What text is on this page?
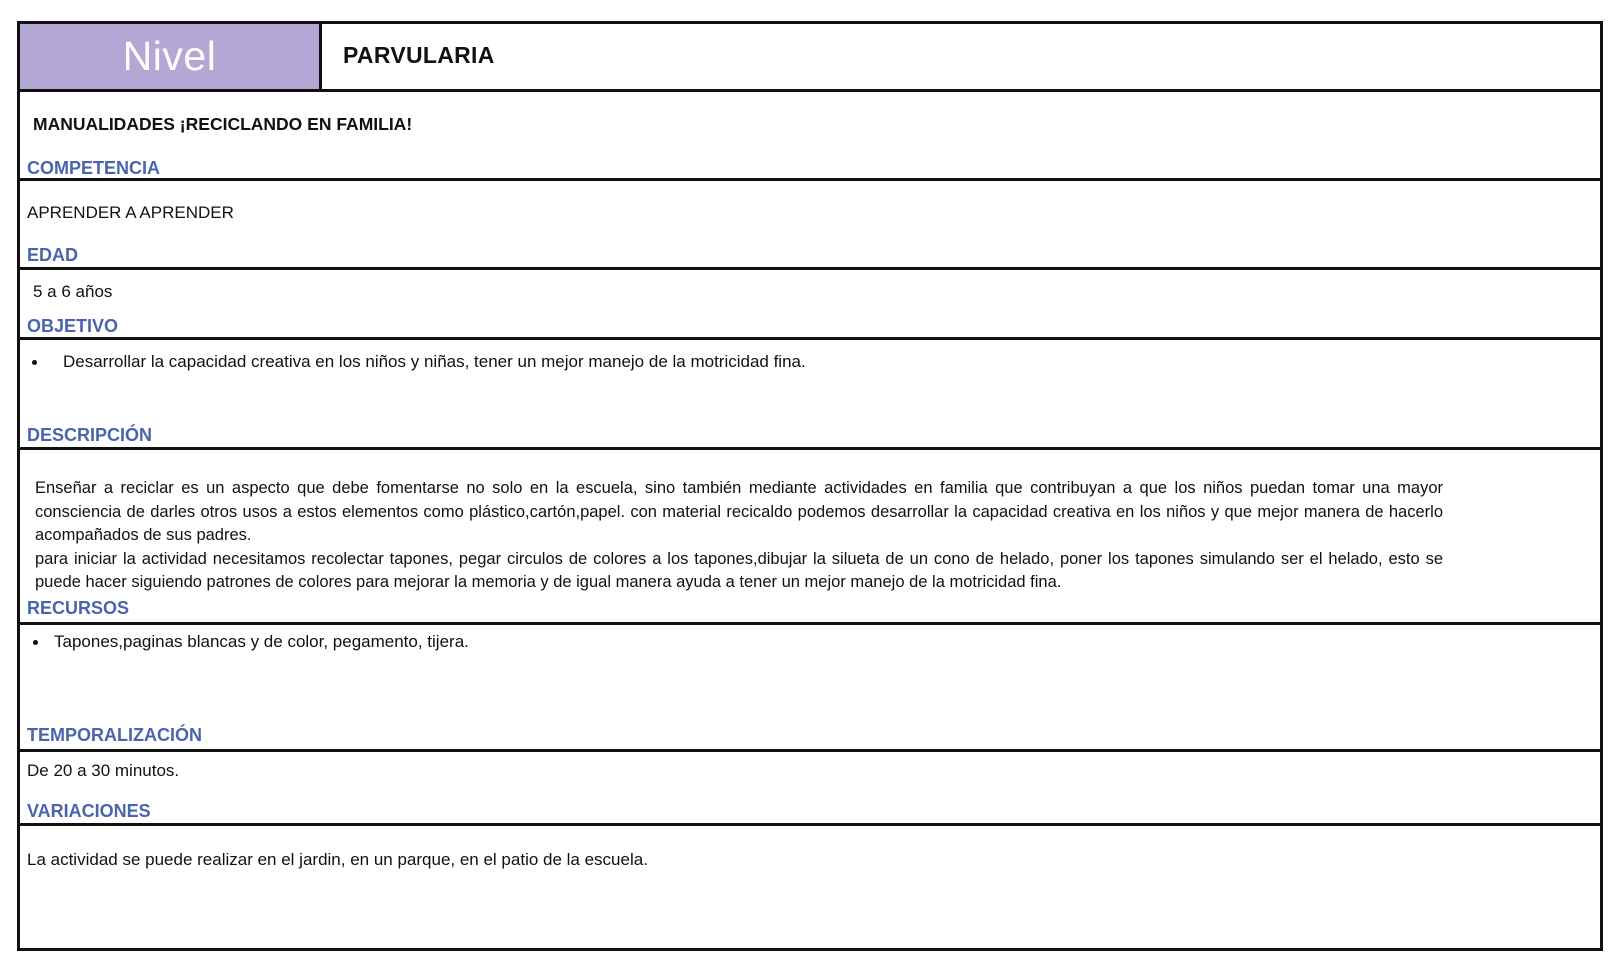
Nivel	PARVULARIA
MANUALIDADES ¡RECICLANDO EN FAMILIA!
COMPETENCIA
APRENDER A APRENDER
EDAD
5 a 6 años
OBJETIVO
Desarrollar la capacidad creativa en los niños y niñas, tener un mejor manejo de la motricidad fina.
DESCRIPCIÓN

Enseñar a reciclar es un aspecto que debe fomentarse no solo en la escuela, sino también mediante actividades en familia que contribuyan a que los niños puedan tomar una mayor consciencia de darles otros usos a estos elementos como plástico,cartón,papel. con material recicaldo podemos desarrollar la capacidad creativa en los niños y que mejor manera de hacerlo acompañados de sus padres.

para iniciar la actividad necesitamos recolectar tapones, pegar circulos de colores a los tapones,dibujar la silueta de un cono de helado, poner los tapones simulando ser el helado, esto se puede hacer siguiendo patrones de colores para mejorar la memoria y de igual manera ayuda a tener un mejor manejo de la motricidad fina.

RECURSOS
Tapones,paginas blancas y de color, pegamento, tijera.
TEMPORALIZACIÓN
De 20 a 30 minutos.
VARIACIONES
La actividad se puede realizar en el jardin, en un parque, en el patio de la escuela.
